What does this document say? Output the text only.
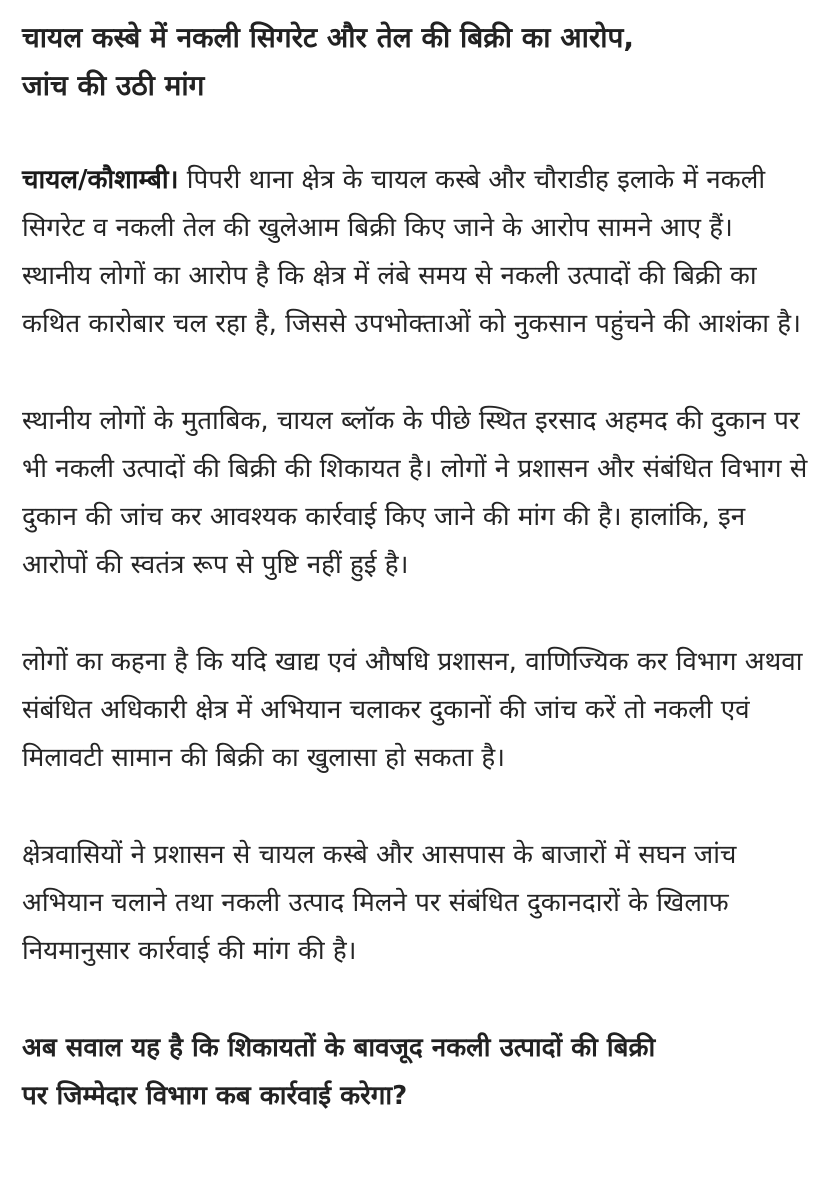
चायल कस्बे में नकली सिगरेट और तेल की बिक्री का आरोप,
जांच की उठी मांग

चायल/कौशाम्बी। पिपरी थाना क्षेत्र के चायल कस्बे और चौराडीह इलाके में नकली सिगरेट व नकली तेल की खुलेआम बिक्री किए जाने के आरोप सामने आए हैं। स्थानीय लोगों का आरोप है कि क्षेत्र में लंबे समय से नकली उत्पादों की बिक्री का कथित कारोबार चल रहा है, जिससे उपभोक्ताओं को नुकसान पहुंचने की आशंका है।

स्थानीय लोगों के मुताबिक, चायल ब्लॉक के पीछे स्थित इरसाद अहमद की दुकान पर भी नकली उत्पादों की बिक्री की शिकायत है। लोगों ने प्रशासन और संबंधित विभाग से दुकान की जांच कर आवश्यक कार्रवाई किए जाने की मांग की है। हालांकि, इन आरोपों की स्वतंत्र रूप से पुष्टि नहीं हुई है।

लोगों का कहना है कि यदि खाद्य एवं औषधि प्रशासन, वाणिज्यिक कर विभाग अथवा संबंधित अधिकारी क्षेत्र में अभियान चलाकर दुकानों की जांच करें तो नकली एवं मिलावटी सामान की बिक्री का खुलासा हो सकता है।

क्षेत्रवासियों ने प्रशासन से चायल कस्बे और आसपास के बाजारों में सघन जांच अभियान चलाने तथा नकली उत्पाद मिलने पर संबंधित दुकानदारों के खिलाफ नियमानुसार कार्रवाई की मांग की है।

अब सवाल यह है कि शिकायतों के बावजूद नकली उत्पादों की बिक्री
पर जिम्मेदार विभाग कब कार्रवाई करेगा?
